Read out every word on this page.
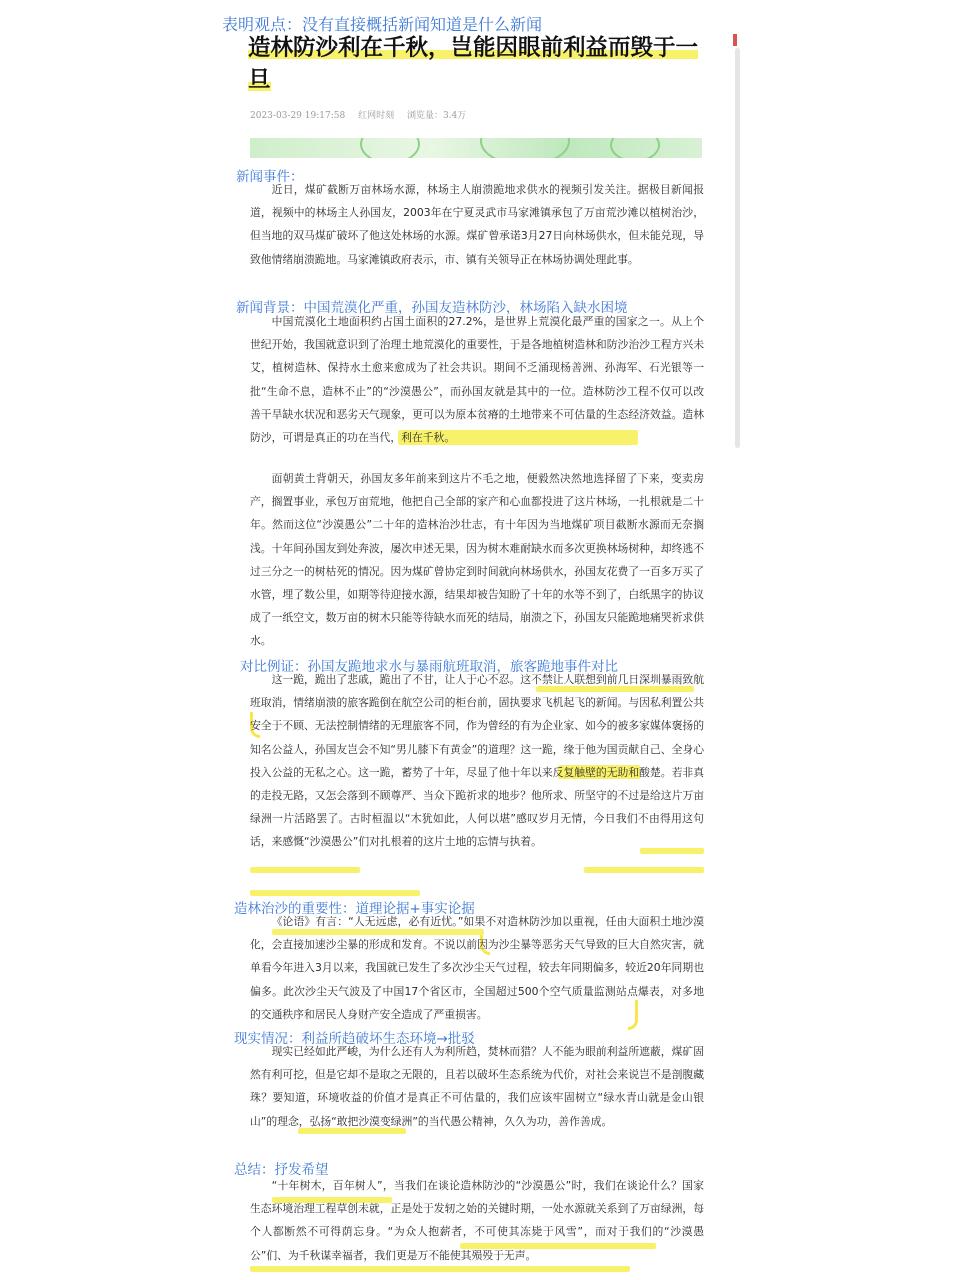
表明观点：没有直接概括新闻知道是什么新闻
造林防沙利在千秋，岂能因眼前利益而毁于一旦
2023-03-29 19:17:58 红网时刻 浏览量：3.4万
新闻事件：
近日，煤矿截断万亩林场水源，林场主人崩溃跪地求供水的视频引发关注。据极目新闻报道，视频中的林场主人孙国友，2003年在宁夏灵武市马家滩镇承包了万亩荒沙滩以植树治沙，但当地的双马煤矿破坏了他这处林场的水源。煤矿曾承诺3月27日向林场供水，但未能兑现，导致他情绪崩溃跪地。马家滩镇政府表示，市、镇有关领导正在林场协调处理此事。
新闻背景：中国荒漠化严重，孙国友造林防沙，林场陷入缺水困境
中国荒漠化土地面积约占国土面积的27.2%，是世界上荒漠化最严重的国家之一。从上个世纪开始，我国就意识到了治理土地荒漠化的重要性，于是各地植树造林和防沙治沙工程方兴未艾，植树造林、保持水土愈来愈成为了社会共识。期间不乏涌现杨善洲、孙海军、石光银等一批“生命不息，造林不止”的“沙漠愚公”，而孙国友就是其中的一位。造林防沙工程不仅可以改善干旱缺水状况和恶劣天气现象，更可以为原本贫瘠的土地带来不可估量的生态经济效益。造林防沙，可谓是真正的功在当代，利在千秋。
面朝黄土背朝天，孙国友多年前来到这片不毛之地，便毅然决然地选择留了下来，变卖房产，搁置事业，承包万亩荒地，他把自己全部的家产和心血都投进了这片林场，一扎根就是二十年。然而这位“沙漠愚公”二十年的造林治沙壮志，有十年因为当地煤矿项目截断水源而无奈搁浅。十年间孙国友到处奔波，屡次申述无果，因为树木难耐缺水而多次更换林场树种，却终逃不过三分之一的树枯死的情况。因为煤矿曾协定到时间就向林场供水，孙国友花费了一百多万买了水管，埋了数公里，如期等待迎接水源，结果却被告知盼了十年的水等不到了，白纸黑字的协议成了一纸空文，数万亩的树木只能等待缺水而死的结局，崩溃之下，孙国友只能跪地痛哭祈求供水。
对比例证：孙国友跪地求水与暴雨航班取消，旅客跪地事件对比
这一跪，跪出了悲戚，跪出了不甘，让人于心不忍。这不禁让人联想到前几日深圳暴雨致航班取消，情绪崩溃的旅客跪倒在航空公司的柜台前，固执要求飞机起飞的新闻。与因私利置公共安全于不顾、无法控制情绪的无理旅客不同，作为曾经的有为企业家、如今的被多家媒体褒扬的知名公益人，孙国友岂会不知“男儿膝下有黄金”的道理？这一跪，缘于他为国贡献自己、全身心投入公益的无私之心。这一跪，蓄势了十年，尽显了他十年以来反复触壁的无助和酸楚。若非真的走投无路，又怎会落到不顾尊严、当众下跪祈求的地步？他所求、所坚守的不过是给这片万亩绿洲一片活路罢了。古时桓温以“木犹如此，人何以堪”感叹岁月无情，今日我们不由得用这句话，来感慨“沙漠愚公”们对扎根着的这片土地的忘情与执着。
造林治沙的重要性：道理论据+事实论据
《论语》有言：“人无远虑，必有近忧。”如果不对造林防沙加以重视，任由大面积土地沙漠化，会直接加速沙尘暴的形成和发育。不说以前因为沙尘暴等恶劣天气导致的巨大自然灾害，就单看今年进入3月以来，我国就已发生了多次沙尘天气过程，较去年同期偏多，较近20年同期也偏多。此次沙尘天气波及了中国17个省区市，全国超过500个空气质量监测站点爆表，对多地的交通秩序和居民人身财产安全造成了严重损害。
现实情况：利益所趋破坏生态环境→批驳
现实已经如此严峻，为什么还有人为利所趋，焚林而猎？人不能为眼前利益所遮蔽，煤矿固然有利可挖，但是它却不是取之无限的，且若以破坏生态系统为代价，对社会来说岂不是剖腹藏珠？要知道，环境收益的价值才是真正不可估量的，我们应该牢固树立“绿水青山就是金山银山”的理念，弘扬“敢把沙漠变绿洲”的当代愚公精神，久久为功，善作善成。
总结：抒发希望
“十年树木，百年树人”，当我们在谈论造林防沙的“沙漠愚公”时，我们在谈论什么？国家生态环境治理工程草创未就，正是处于发轫之始的关键时期，一处水源就关系到了万亩绿洲，每个人都断然不可得荫忘身。“为众人抱薪者，不可使其冻毙于风雪”，而对于我们的“沙漠愚公”们、为千秋谋幸福者，我们更是万不能使其殒殁于无声。
